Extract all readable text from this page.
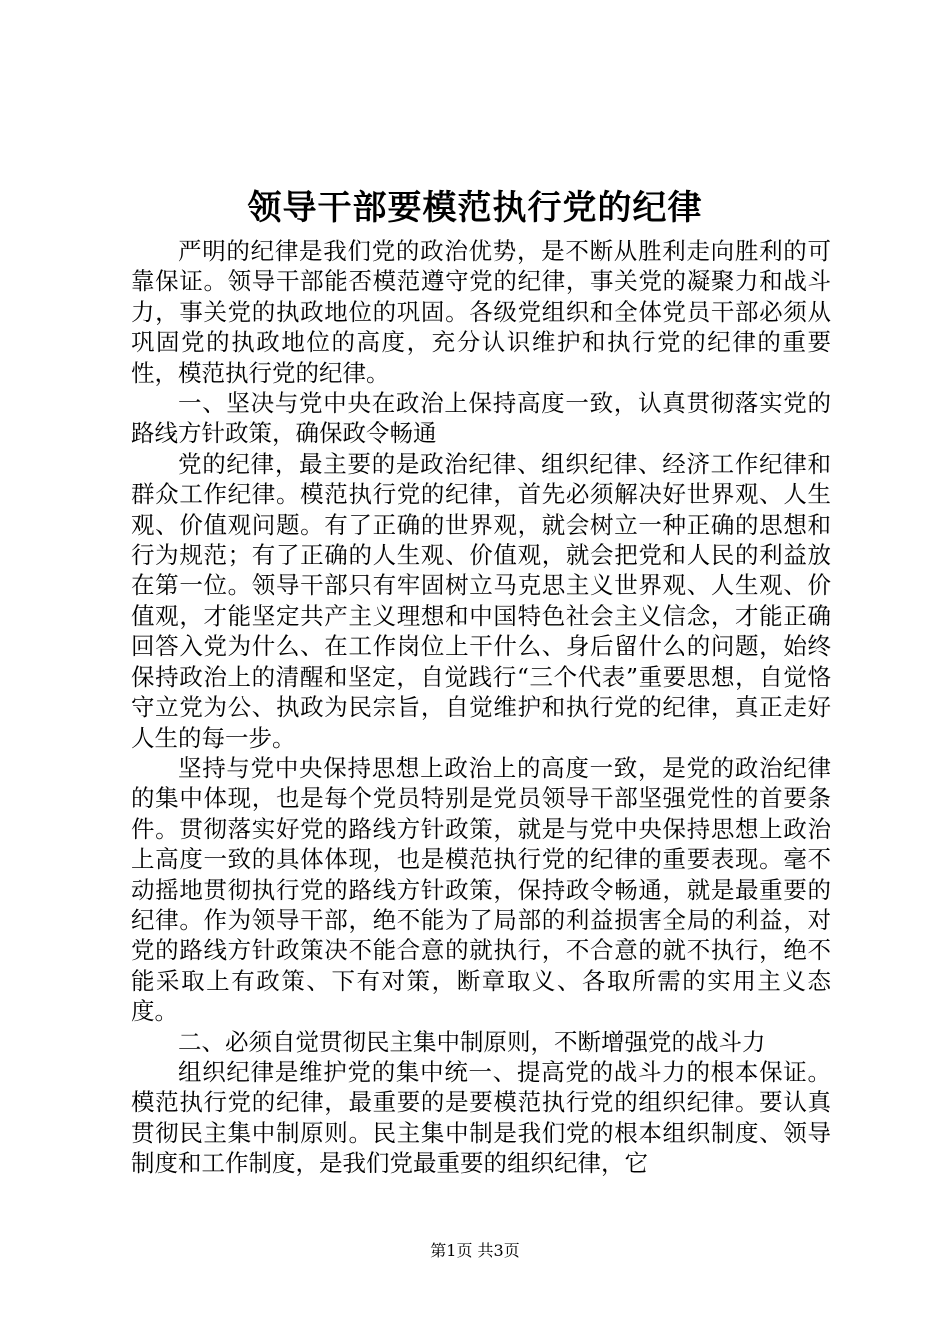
领导干部要模范执行党的纪律

严明的纪律是我们党的政治优势，是不断从胜利走向胜利的可靠保证。领导干部能否模范遵守党的纪律，事关党的凝聚力和战斗力，事关党的执政地位的巩固。各级党组织和全体党员干部必须从巩固党的执政地位的高度，充分认识维护和执行党的纪律的重要性，模范执行党的纪律。

一、坚决与党中央在政治上保持高度一致，认真贯彻落实党的路线方针政策，确保政令畅通

党的纪律，最主要的是政治纪律、组织纪律、经济工作纪律和群众工作纪律。模范执行党的纪律，首先必须解决好世界观、人生观、价值观问题。有了正确的世界观，就会树立一种正确的思想和行为规范；有了正确的人生观、价值观，就会把党和人民的利益放在第一位。领导干部只有牢固树立马克思主义世界观、人生观、价值观，才能坚定共产主义理想和中国特色社会主义信念，才能正确回答入党为什么、在工作岗位上干什么、身后留什么的问题，始终保持政治上的清醒和坚定，自觉践行“三个代表”重要思想，自觉恪守立党为公、执政为民宗旨，自觉维护和执行党的纪律，真正走好人生的每一步。

坚持与党中央保持思想上政治上的高度一致，是党的政治纪律的集中体现，也是每个党员特别是党员领导干部坚强党性的首要条件。贯彻落实好党的路线方针政策，就是与党中央保持思想上政治上高度一致的具体体现，也是模范执行党的纪律的重要表现。毫不动摇地贯彻执行党的路线方针政策，保持政令畅通，就是最重要的纪律。作为领导干部，绝不能为了局部的利益损害全局的利益，对党的路线方针政策决不能合意的就执行，不合意的就不执行，绝不能采取上有政策、下有对策，断章取义、各取所需的实用主义态度。

二、必须自觉贯彻民主集中制原则，不断增强党的战斗力

组织纪律是维护党的集中统一、提高党的战斗力的根本保证。模范执行党的纪律，最重要的是要模范执行党的组织纪律。要认真贯彻民主集中制原则。民主集中制是我们党的根本组织制度、领导制度和工作制度，是我们党最重要的组织纪律，它

第1页 共3页
